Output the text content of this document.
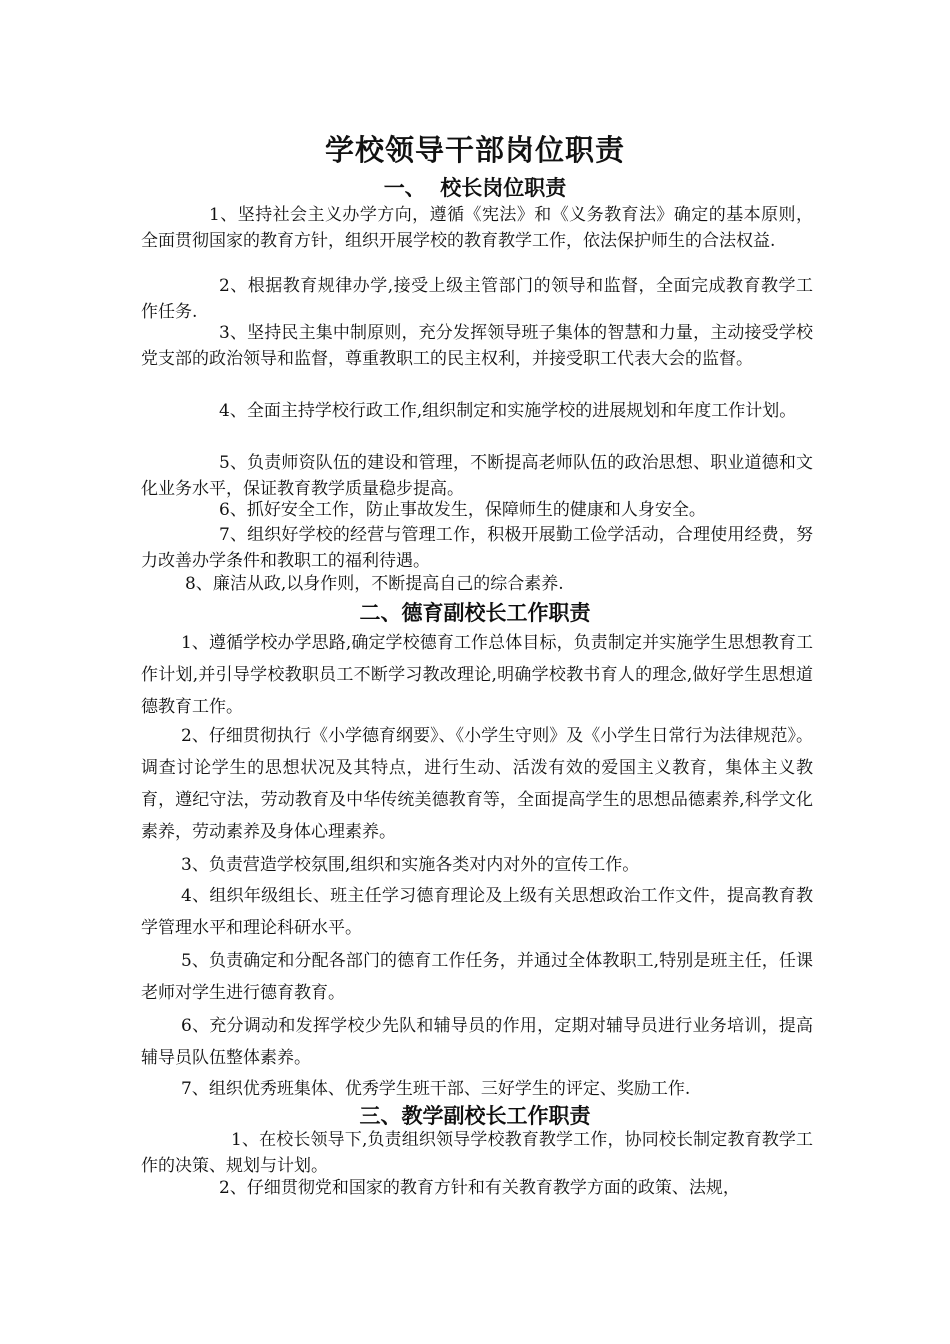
学校领导干部岗位职责
一、  校长岗位职责

1、坚持社会主义办学方向，遵循《宪法》和《义务教育法》确定的基本原则，全面贯彻国家的教育方针，组织开展学校的教育教学工作，依法保护师生的合法权益.

2、根据教育规律办学,接受上级主管部门的领导和监督，全面完成教育教学工作任务.

3、坚持民主集中制原则，充分发挥领导班子集体的智慧和力量，主动接受学校党支部的政治领导和监督，尊重教职工的民主权利，并接受职工代表大会的监督。

4、全面主持学校行政工作,组织制定和实施学校的进展规划和年度工作计划。

5、负责师资队伍的建设和管理，不断提高老师队伍的政治思想、职业道德和文化业务水平，保证教育教学质量稳步提高。

6、抓好安全工作，防止事故发生，保障师生的健康和人身安全。

7、组织好学校的经营与管理工作，积极开展勤工俭学活动，合理使用经费，努力改善办学条件和教职工的福利待遇。

8、廉洁从政,以身作则，不断提高自己的综合素养.

二、德育副校长工作职责

1、遵循学校办学思路,确定学校德育工作总体目标，负责制定并实施学生思想教育工作计划,并引导学校教职员工不断学习教改理论,明确学校教书育人的理念,做好学生思想道德教育工作。

2、仔细贯彻执行《小学德育纲要》、《小学生守则》及《小学生日常行为法律规范》。调查讨论学生的思想状况及其特点，进行生动、活泼有效的爱国主义教育，集体主义教育，遵纪守法，劳动教育及中华传统美德教育等，全面提高学生的思想品德素养,科学文化素养，劳动素养及身体心理素养。

3、负责营造学校氛围,组织和实施各类对内对外的宣传工作。

4、组织年级组长、班主任学习德育理论及上级有关思想政治工作文件，提高教育教学管理水平和理论科研水平。

5、负责确定和分配各部门的德育工作任务，并通过全体教职工,特别是班主任，任课老师对学生进行德育教育。

6、充分调动和发挥学校少先队和辅导员的作用，定期对辅导员进行业务培训，提高辅导员队伍整体素养。

7、组织优秀班集体、优秀学生班干部、三好学生的评定、奖励工作.

三、教学副校长工作职责

1、在校长领导下,负责组织领导学校教育教学工作，协同校长制定教育教学工作的决策、规划与计划。

2、仔细贯彻党和国家的教育方针和有关教育教学方面的政策、法规，
